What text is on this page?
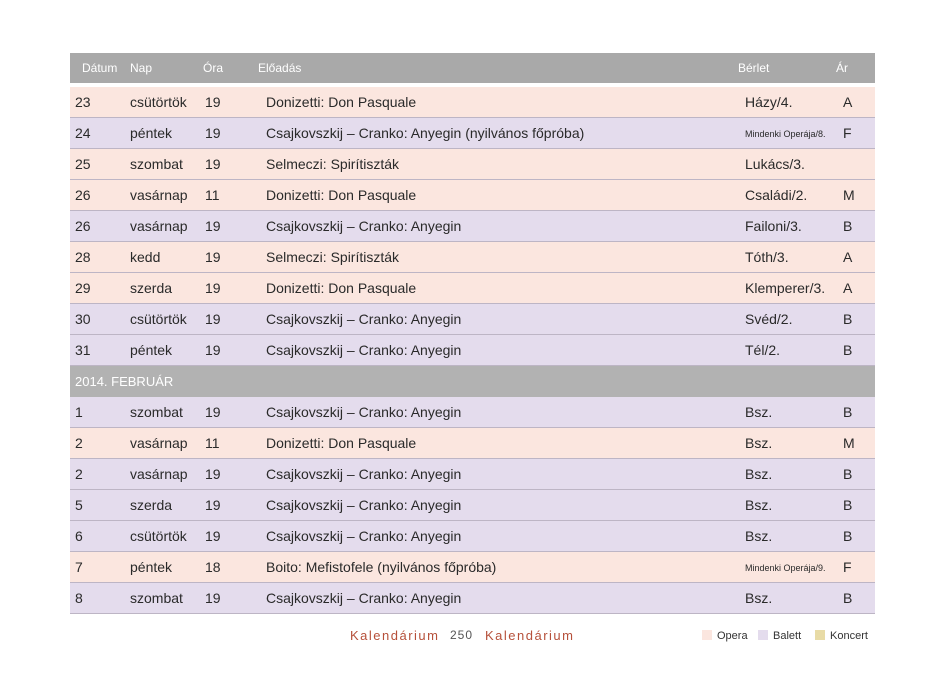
Dátum Nap	Óra	Előadás	Bérlet	Ár
23	csütörtök 19	Donizetti: Don Pasquale	Házy/4.	A
24	péntek 19	Csajkovszkij – Cranko: Anyegin (nyilvános főpróba)	Mindenki Operája/8. F
25	szombat 19	Selmeczi: Spirítiszták	Lukács/3.
26	vasárnap 11	Donizetti: Don Pasquale	Családi/2.	M
26	vasárnap 19	Csajkovszkij – Cranko: Anyegin	Failoni/3.	B
28	kedd	19	Selmeczi: Spirítiszták	Tóth/3.	A
29	szerda 19	Donizetti: Don Pasquale	Klemperer/3. A
30	csütörtök 19	Csajkovszkij – Cranko: Anyegin	Svéd/2.	B
31	péntek 19	Csajkovszkij – Cranko: Anyegin	Tél/2.	B
2014. FEBRUÁR
1	szombat 19	Csajkovszkij – Cranko: Anyegin	Bsz.	B
2	vasárnap 11	Donizetti: Don Pasquale	Bsz.	M
2	vasárnap 19	Csajkovszkij – Cranko: Anyegin	Bsz.	B
5	szerda 19	Csajkovszkij – Cranko: Anyegin	Bsz.	B
6	csütörtök 19	Csajkovszkij – Cranko: Anyegin	Bsz.	B
7	péntek 18	Boito: Mefistofele (nyilvános főpróba)	Mindenki Operája/9. F
8	szombat 19	Csajkovszkij – Cranko: Anyegin	Bsz.	B
Kalendárium 250 Kalendárium	Opera	Balett	Koncert
